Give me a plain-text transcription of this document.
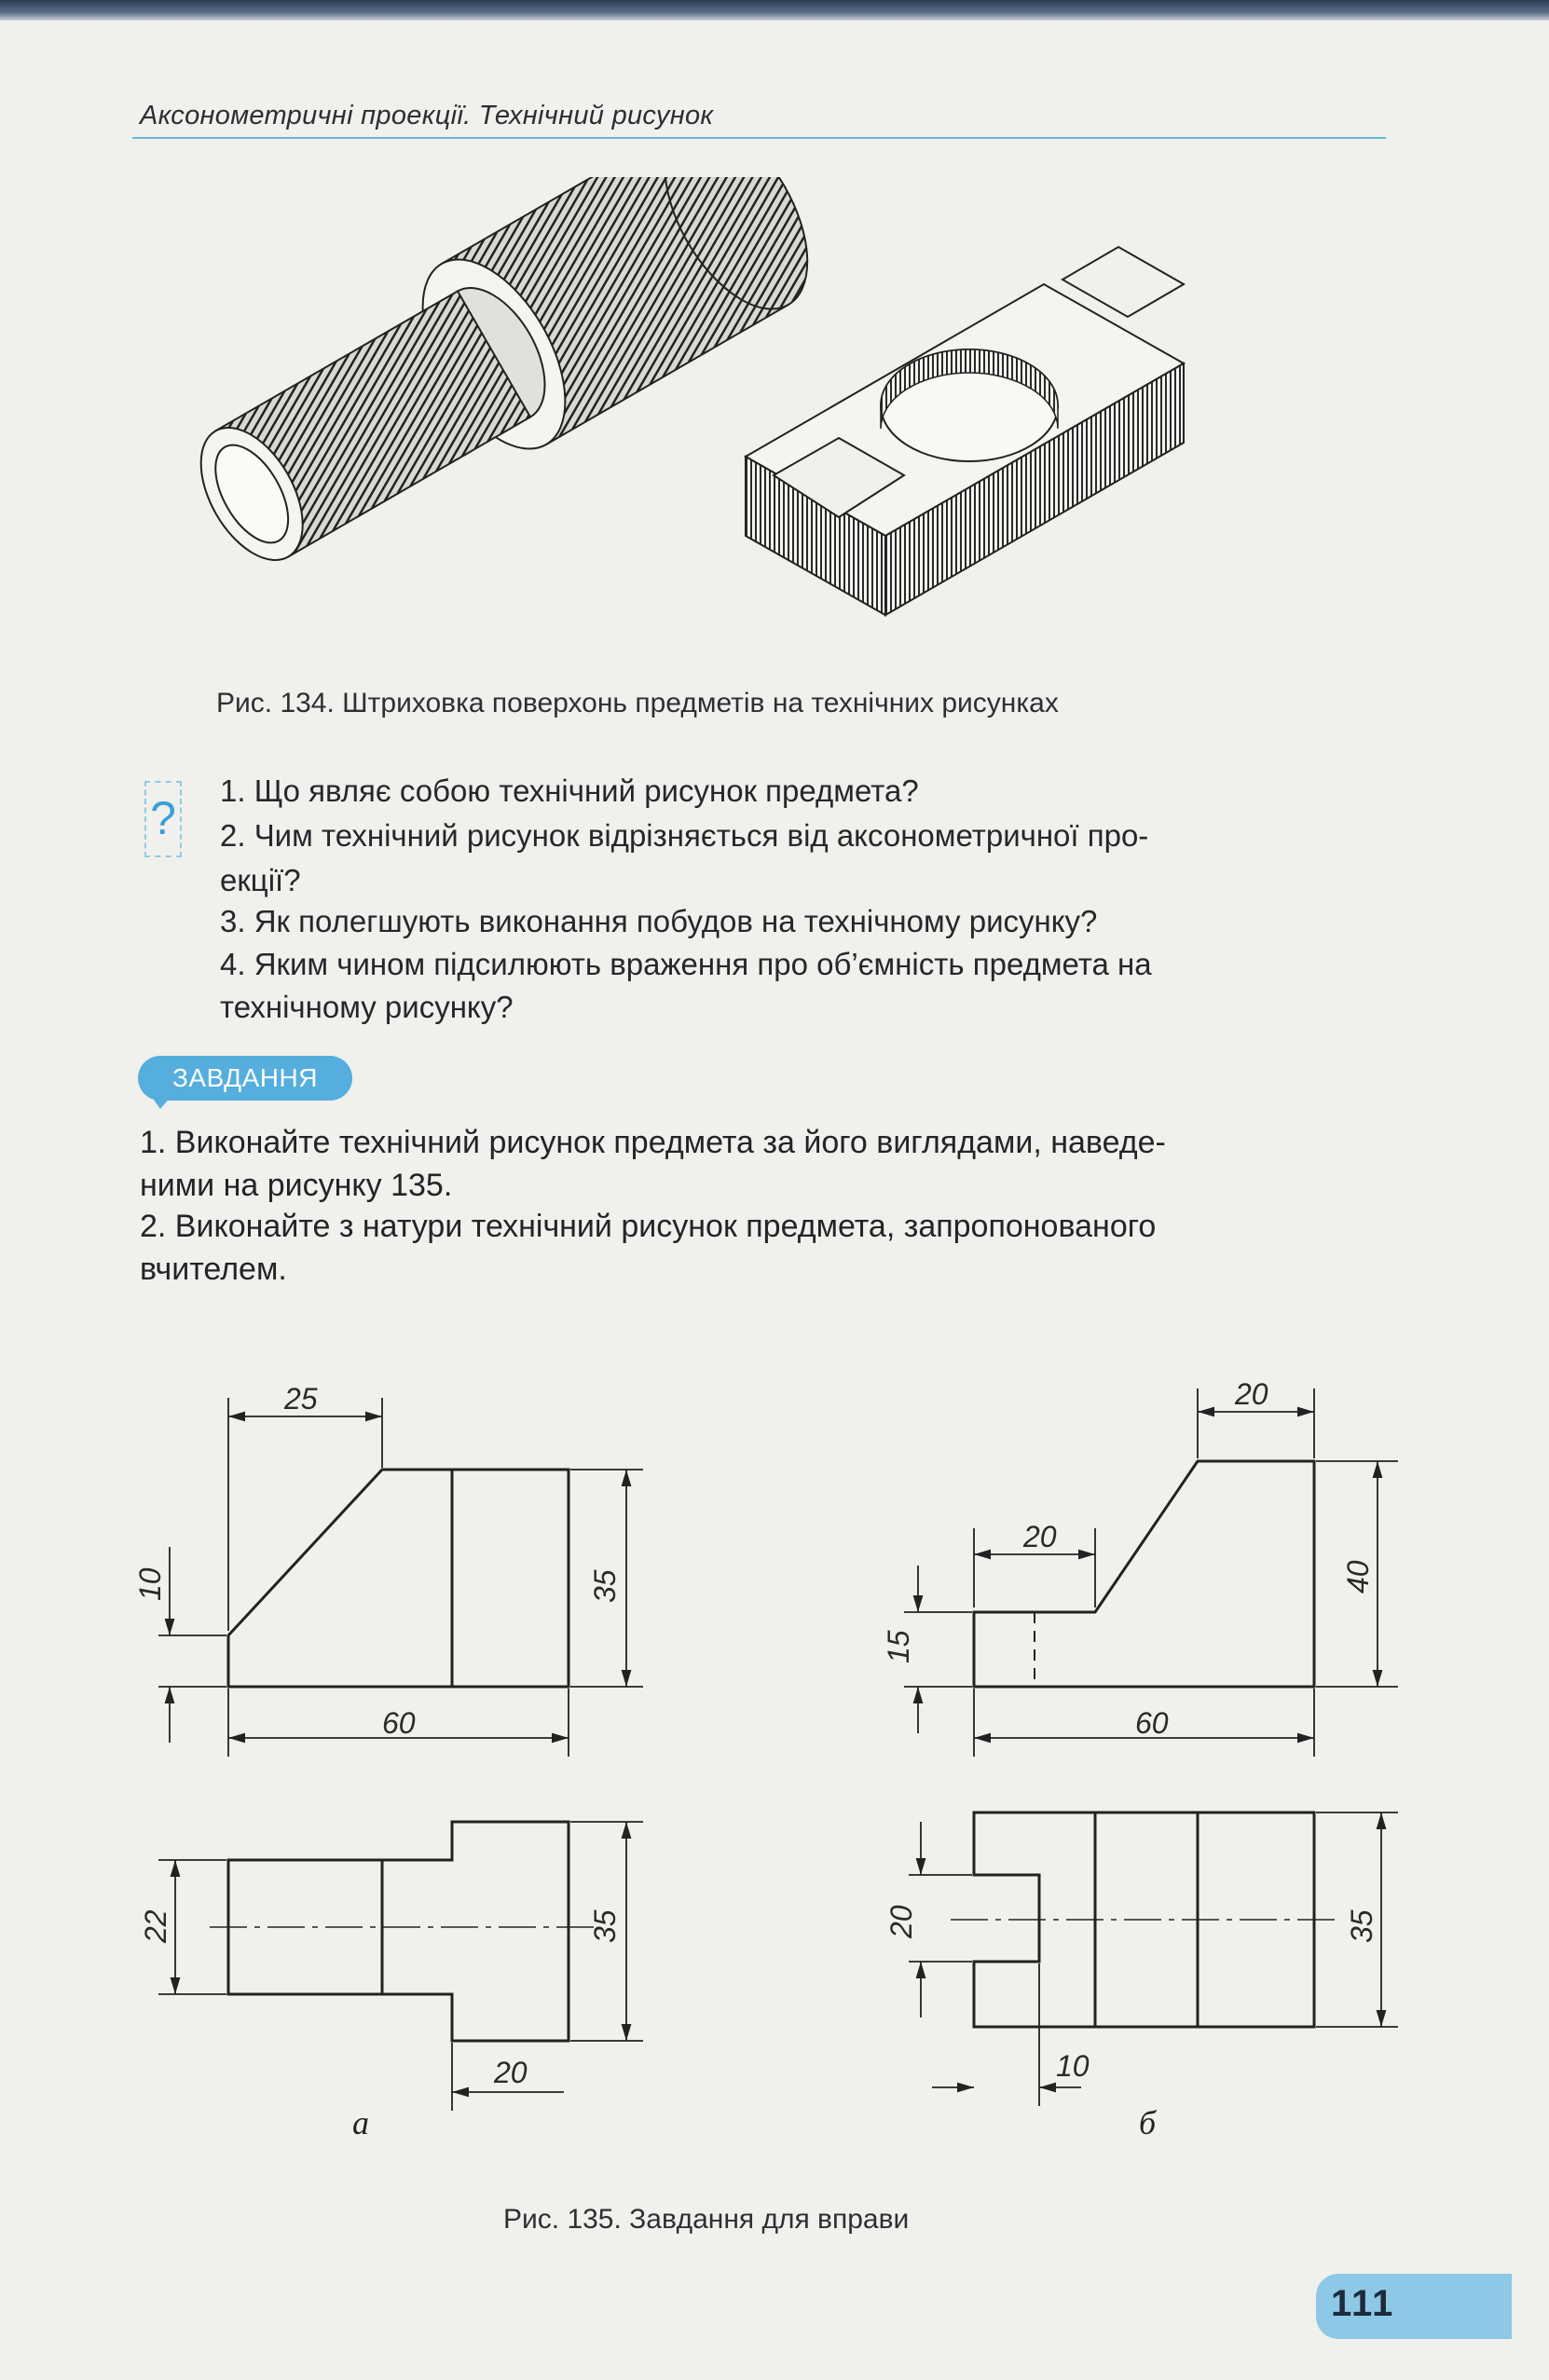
Аксонометричні проекції. Технічний рисунок
Рис. 134. Штриховка поверхонь предметів на технічних рисунках
?
1. Що являє собою технічний рисунок предмета?
2. Чим технічний рисунок відрізняється від аксонометричної про-
екції?
3. Як полегшують виконання побудов на технічному рисунку?
4. Яким чином підсилюють враження про об’ємність предмета на
технічному рисунку?
ЗАВДАННЯ
1. Виконайте технічний рисунок предмета за його виглядами, наведе-
ними на рисунку 135.
2. Виконайте з натури технічний рисунок предмета, запропонованого
вчителем.
25
10	35
60
22	35
20
20
20
15
40
60
20	35
10
а	б
Рис. 135. Завдання для вправи
111
